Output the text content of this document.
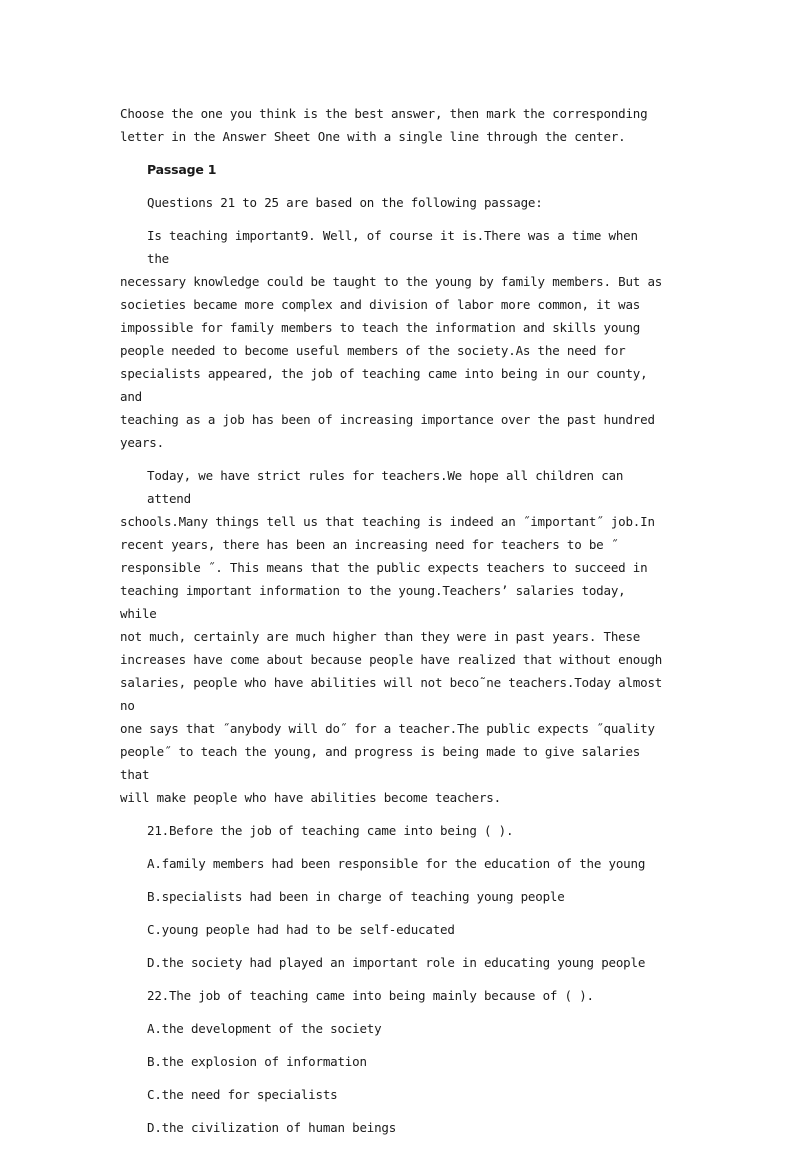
Choose the one you think is the best answer, then mark the corresponding
letter in the Answer Sheet One with a single line through the center.
Passage 1
Questions 21 to 25 are based on the following passage:
Is teaching important9. Well, of course it is.There was a time when the
necessary knowledge could be taught to the young by family members. But as
societies became more complex and division of labor more common, it was
impossible for family members to teach the information and skills young
people needed to become useful members of the society.As the need for
specialists appeared, the job of teaching came into being in our county, and
teaching as a job has been of increasing importance over the past hundred
years.
Today, we have strict rules for teachers.We hope all children can attend
schools.Many things tell us that teaching is indeed an ˝important˝ job.In
recent years, there has been an increasing need for teachers to be ˝
responsible ˝. This means that the public expects teachers to succeed in
teaching important information to the young.Teachers’ salaries today, while
not much, certainly are much higher than they were in past years. These
increases have come about because people have realized that without enough
salaries, people who have abilities will not beco˜ne teachers.Today almost no
one says that ˝anybody will do˝ for a teacher.The public expects ˝quality
people˝ to teach the young, and progress is being made to give salaries that
will make people who have abilities become teachers.
21.Before the job of teaching came into being ( ).
A.family members had been responsible for the education of the young
B.specialists had been in charge of teaching young people
C.young people had had to be self-educated
D.the society had played an important role in educating young people
22.The job of teaching came into being mainly because of ( ).
A.the development of the society
B.the explosion of information
C.the need for specialists
D.the civilization of human beings
